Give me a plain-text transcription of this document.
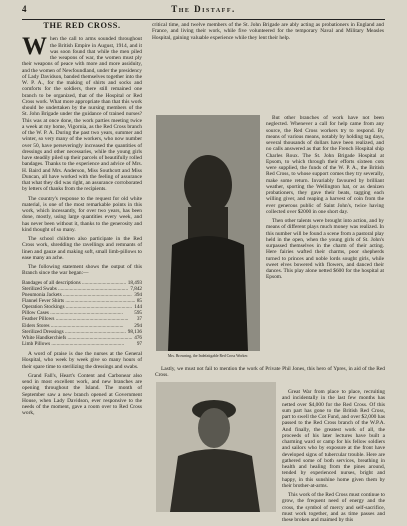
4	The Distaff.
THE RED CROSS.

When the call to arms sounded throughout the British Empire in August, 1914, and it was soon found that while the men piled the weapons of war, the women must ply their weapons of peace with more and more assiduity, and the women of Newfoundland, under the presidency of Lady Davidson, banded themselves together into the W. P. A., for the making of shirts and socks and comforts for the soldiers, there still remained one branch to be organized, that of the Hospital or Red Cross work. What more appropriate than that this work should be undertaken by the nursing members of the St. John Brigade under the guidance of trained nurses? This was at once done, the work parties meeting twice a week at my home, Vigornia, as the Red Cross branch of the W. P. A. During the past two years, summer and winter, so very many of the workers, who now number over 50, have perseveringly increased the quantities of dressings and other necessaries, while the young girls have steadily piled up their parcels of beautifully rolled bandages. Thanks to the experience and advice of Mrs. H. Baird and Mrs. Anderson, Miss Southcott and Miss Duncan, all have worked with the feeling of assurance that what they did was right, an assurance corroborated by letters of thanks from the recipients.

The country's response to the request for old white material, is one of the most remarkable points in this work, which incessantly, for over two years, has been done, mostly, using large quantities every week, and has never been without it, thanks to the generosity and kind thought of so many.

The school children also participate in the Red Cross work, shredding the ravellings and remnants of linen and gauze and making soft, small limb-pillows to ease many an ache.

The following statement shows the output of this Branch since the war began:—

Bandages of all descriptions .....	18,493
Sterilized Swabs .....	7,842
Pneumonia Jackets .....	394
Flannel Fever Shirts .....	85
Operation Stockings .....	144
Pillow Cases .....	595
Feather Pillows .....	37
Eiders Stores .....	294
Sterilized Dressings .....	98,136
White Handkerchiefs .....	476
Limb Pillows .....	97

A word of praise is due the nurses at the General Hospital, who week by week give so many hours of their spare time to sterilizing the dressings and swabs.

Grand Fall's, Heart's Content and Carbonear also send in most excellent work, and new branches are opening throughout the Island. The month of September saw a new branch opened at Government House, when Lady Davidson, ever responsive to the needs of the moment, gave a room over to Red Cross work,

critical time, and twelve members of the St. John Brigade are ably acting as probationers in England and France, and living their work, while five volunteered for the temporary Naval and Military Measles Hospital, gaining valuable experience while they lent their help.

But other branches of work have not been neglected. Whenever a call for help came from any source, the Red Cross workers try to respond. By means of various means, notably by holding tag days, several thousands of dollars have been realized, and no calls answered as that for the French Hospital ship Charles Roux. The St. John Brigade Hospital at Epsom, to which through their efforts sixteen cots were supplied, the funds of the W. P. A., the British Red Cross, to whose support comes they try severally, make some return. Invariably favoured by brilliant weather, sporting the Wellington hat, or as denizen probationers, they gave their beats, tagging each willing giver, and reaping a harvest of coin from the ever generous public of Saint John's, twice having collected over $2000 in one short day.

Then other talents were brought into action, and by means of different plays much money was realized. In this number will be found a scene from a pastoral play held in the open, when the young girls of St. John's surpassed themselves in the charm of their acting. Here fairies wafted their charms, poor shepherds turned to princes and noble lords sought girls, while sweet elves bowered with flowers, and danced their dances. This play alone netted $600 for the hospital at Epsom.

Mrs. Browning, the Indefatigable Red Cross Worker.

Lastly, we must not fail to mention the work of Private Phil Jones, this hero of Ypres, in aid of the Red Cross.

Great War from place to place, recruiting and incidentally in the last few months has netted over $4,000 for the Red Cross. Of this sum part has gone to the British Red Cross, part to swell the Cot Fund, and over $2,000 has passed to the Red Cross branch of the W.P.A. And finally, the greatest work of all, the proceeds of his later lectures have built a charming ward or camp for his fellow soldiers and sailors who by exposure at the front have developed signs of tubercular trouble. Here are gathered some of both services, breathing in health and healing from the pines around, tended by experienced nurses, bright and happy, in this sunshine home given them by their brother-at-arms.

This work of the Red Cross must continue to grow, the frequent need of energy and the cross, the symbol of mercy and self-sacrifice, must work together, and as time passes and these broken and maimed by this
